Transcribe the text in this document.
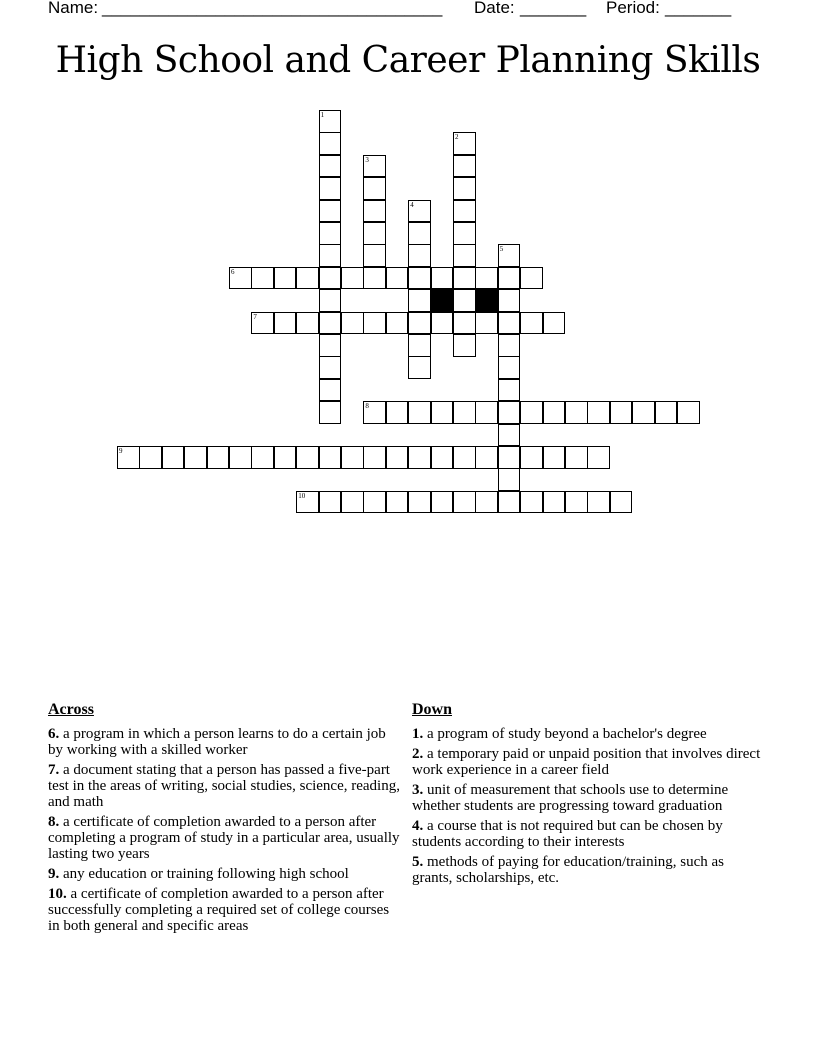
Name: ____________________________________ Date: _______ Period: _______
High School and Career Planning Skills
1
2
3
4
5
6
7
8
9
10
Across
6. a program in which a person learns to do a certain job by working with a skilled worker
7. a document stating that a person has passed a five-part test in the areas of writing, social studies, science, reading, and math
8. a certificate of completion awarded to a person after completing a program of study in a particular area, usually lasting two years
9. any education or training following high school
10. a certificate of completion awarded to a person after successfully completing a required set of college courses in both general and specific areas
Down
1. a program of study beyond a bachelor's degree
2. a temporary paid or unpaid position that involves direct work experience in a career field
3. unit of measurement that schools use to determine whether students are progressing toward graduation
4. a course that is not required but can be chosen by students according to their interests
5. methods of paying for education/training, such as grants, scholarships, etc.
